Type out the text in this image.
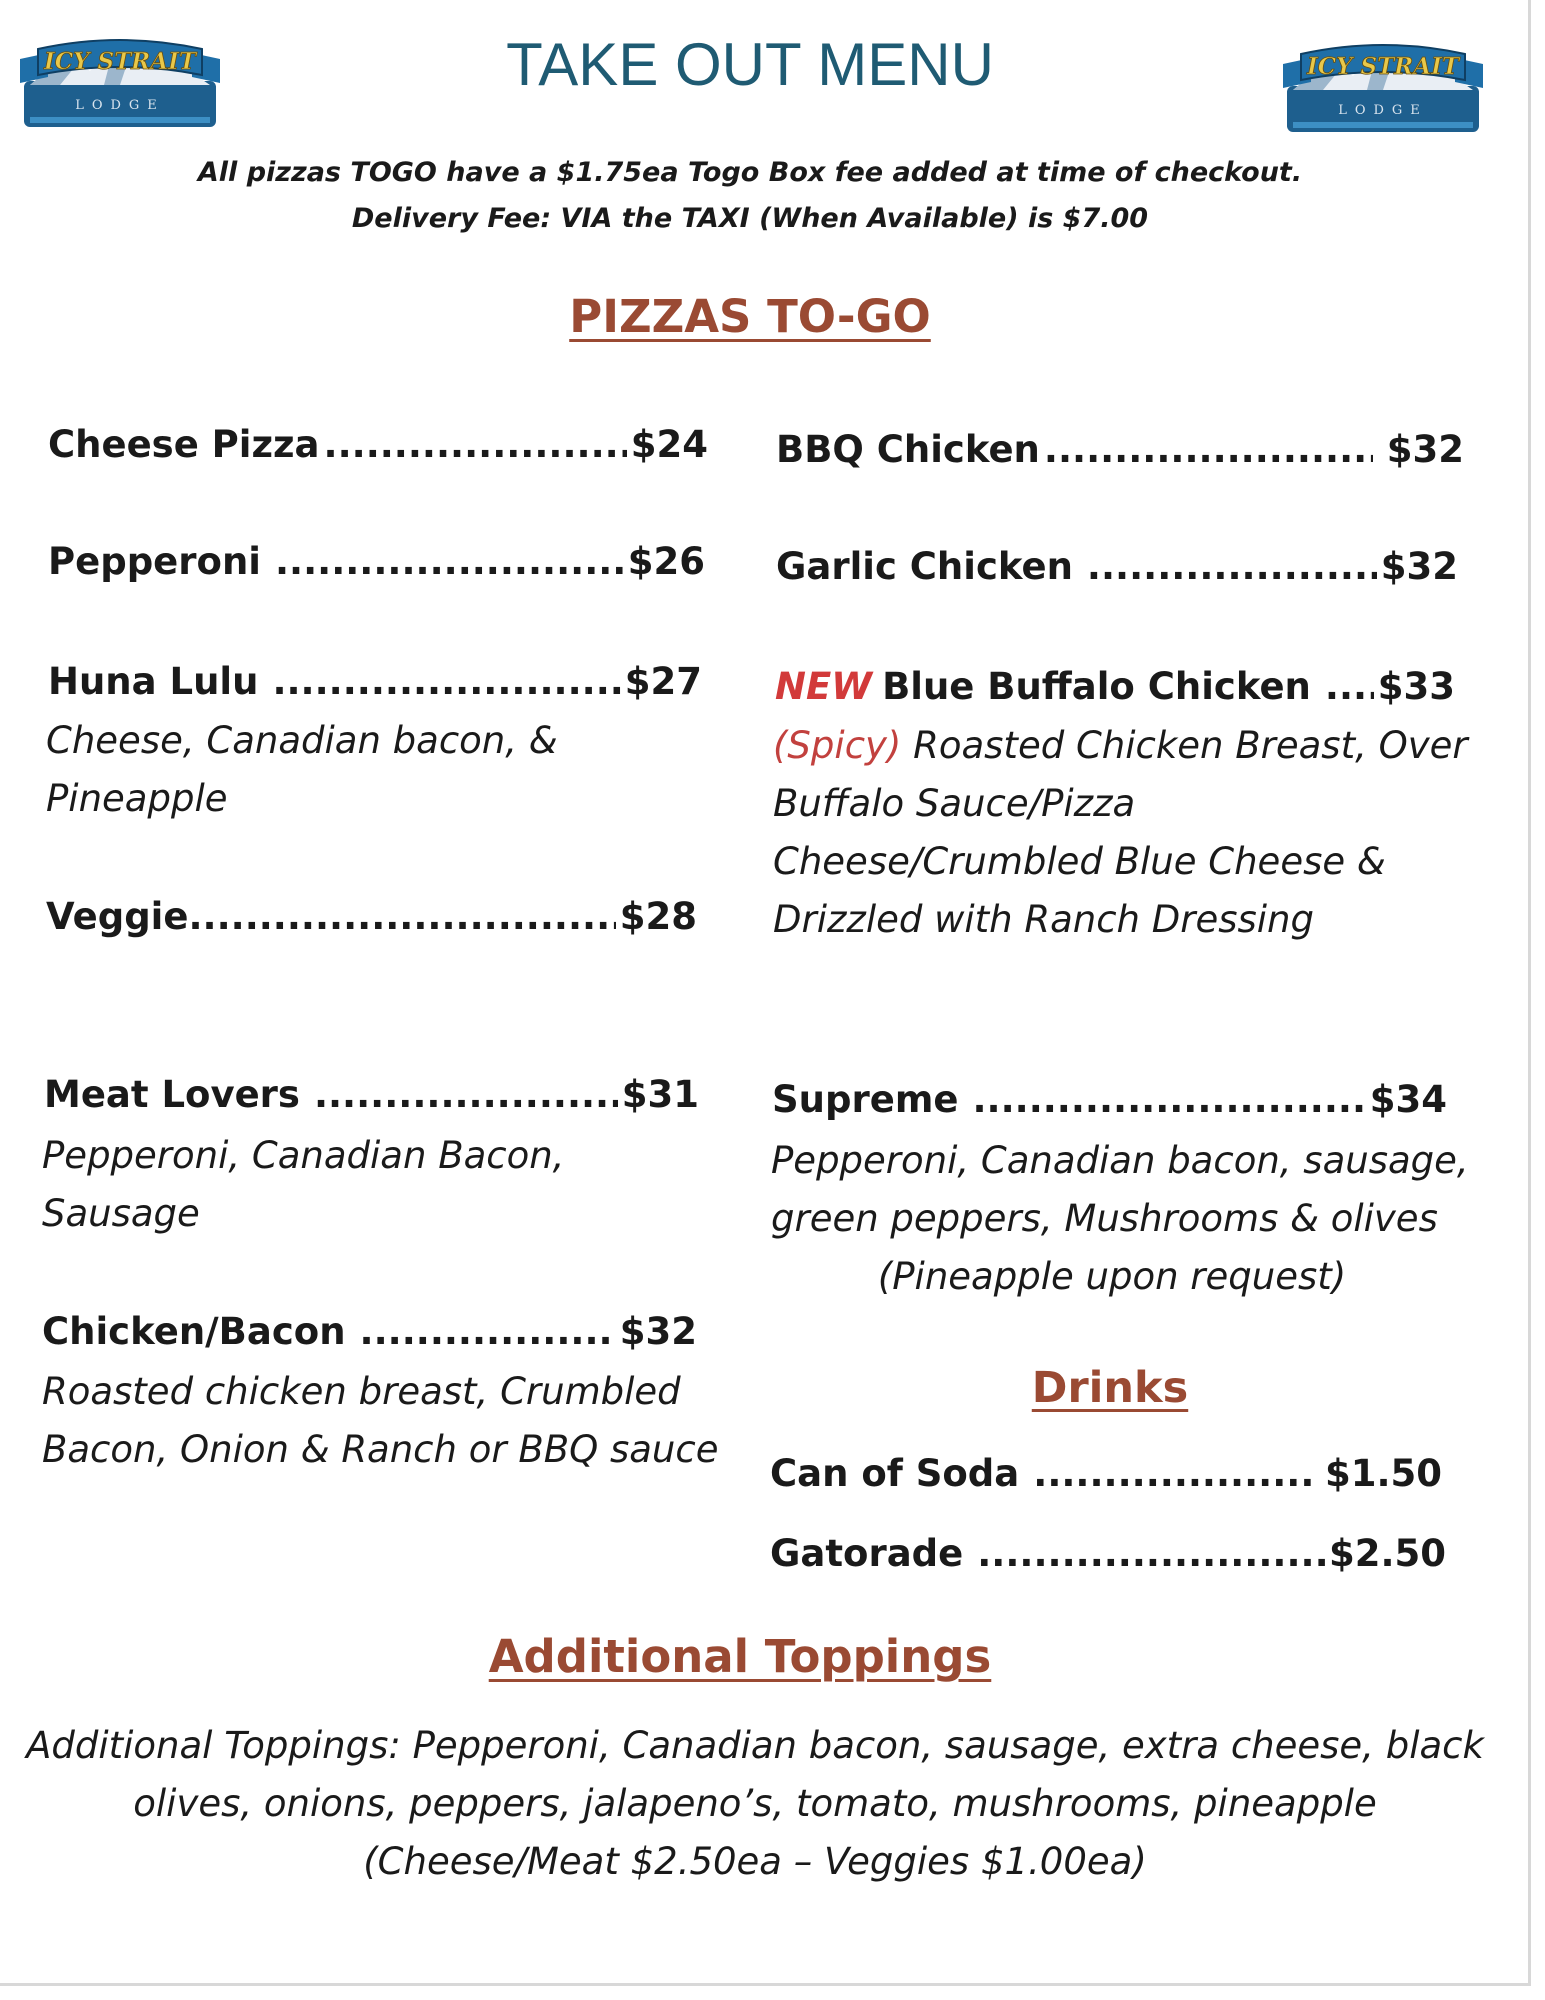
ICY STRAIT
LODGE
ICY STRAIT
LODGE
TAKE OUT MENU
All pizzas TOGO have a $1.75ea Togo Box fee added at time of checkout.
Delivery Fee: VIA the TAXI (When Available) is $7.00
PIZZAS TO-GO
Cheese Pizza .....	$24
Pepperoni .....	$26
Huna Lulu .....	$27
Cheese, Canadian bacon, &
Pineapple
Veggie .....	$28
Meat Lovers .....	$31
Pepperoni, Canadian Bacon,
Sausage
Chicken/Bacon .....	$32
Roasted chicken breast, Crumbled
Bacon, Onion & Ranch or BBQ sauce
BBQ Chicken .....	$32
Garlic Chicken .....	$32
NEW Blue Buffalo Chicken ..... $33
(Spicy) Roasted Chicken Breast, Over
Buffalo Sauce/Pizza
Cheese/Crumbled Blue Cheese &
Drizzled with Ranch Dressing
Supreme .....	$34
Pepperoni, Canadian bacon, sausage,
green peppers, Mushrooms & olives
(Pineapple upon request)
Drinks
Can of Soda .....	$1.50
Gatorade .....	$2.50
Additional Toppings
Additional Toppings: Pepperoni, Canadian bacon, sausage, extra cheese, black
olives, onions, peppers, jalapeno’s, tomato, mushrooms, pineapple
(Cheese/Meat $2.50ea – Veggies $1.00ea)
